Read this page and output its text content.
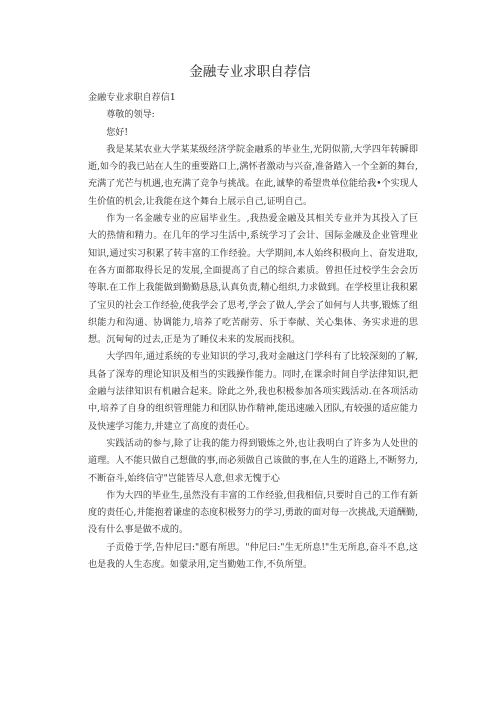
金融专业求职自荐信

金融专业求职自荐信1

尊敬的领导:

您好!

我是某某农业大学某某级经济学院金融系的毕业生,光阴似箭,大学四年转瞬即逝,如今的我已站在人生的重要路口上,满怀者激动与兴奋,准备踏入一个全新的舞台,充满了光芒与机遇,也充满了竞争与挑战。在此,诚挚的希望贵单位能给我•个实现人生价值的机会,让我能在这个舞台上展示自己,证明自己。

作为一名金融专业的应届毕业生。,我热爱金融及其相关专业并为其投入了巨大的热情和精力。在几年的学习生活中,系统学习了会计、国际金融及企业管理业知识,通过实习积累了转丰富的工作经验。大学期间,本人始终积极向上、奋发进取,在各方面都取得长足的发展,全面提高了自己的综合素质。曾担任过校学生会会历等职.在工作上我能做到勤勤恳恳,认真负责,精心组织,力求做到。在学校里让我积累了宝贝的社会工作经验,使我学会了思考,学会了做人,学会了如何与人共事,锻炼了组织能力和沟通、协调能力,培养了吃苦耐劳、乐于奉献、关心集体、务实求进的思想。沉甸甸的过去,正是为了睡仪未来的发展而找积。

大学四年,通过系统的专业知识的学习,我对金融这门学科有了比较深刻的了解,具备了深寿的理论知识及相当的实践操作能力。同时,在课余时间自学法律知识,把金融与法律知识有机融合起来。除此之外,我也积极参加各项实践活动.在各项活动中,培养了自身的组织管理能力和团队协作精神,能迅速融入团队,有较强的适应能力及快速学习能力,并建立了高度的责任心。

实践活动的参与,除了让我的能力得到锻炼之外,也让我明白了许多为人处世的道理。人不能只做自己想做的事,而必须做自己该做的事,在人生的道路上,不断努力,不断奋斗,始终信守"岂能皆尽人意,但求无愧于心

作为大四的毕业生,虽然没有丰富的工作经验,但我相信,只要时自己的工作有新度的责任心,并能抱着谦虚的态度积极努力的学习,勇敢的面对每一次挑战,天道酬勤,没有什么事是做不成的。

子贡倦于学,告仲尼曰:"愿有所思。"仲尼曰:"生无所息!"生无所息,奋斗不息,这也是我的人生态度。如蒙录用,定当勤勉工作,不负所望。
